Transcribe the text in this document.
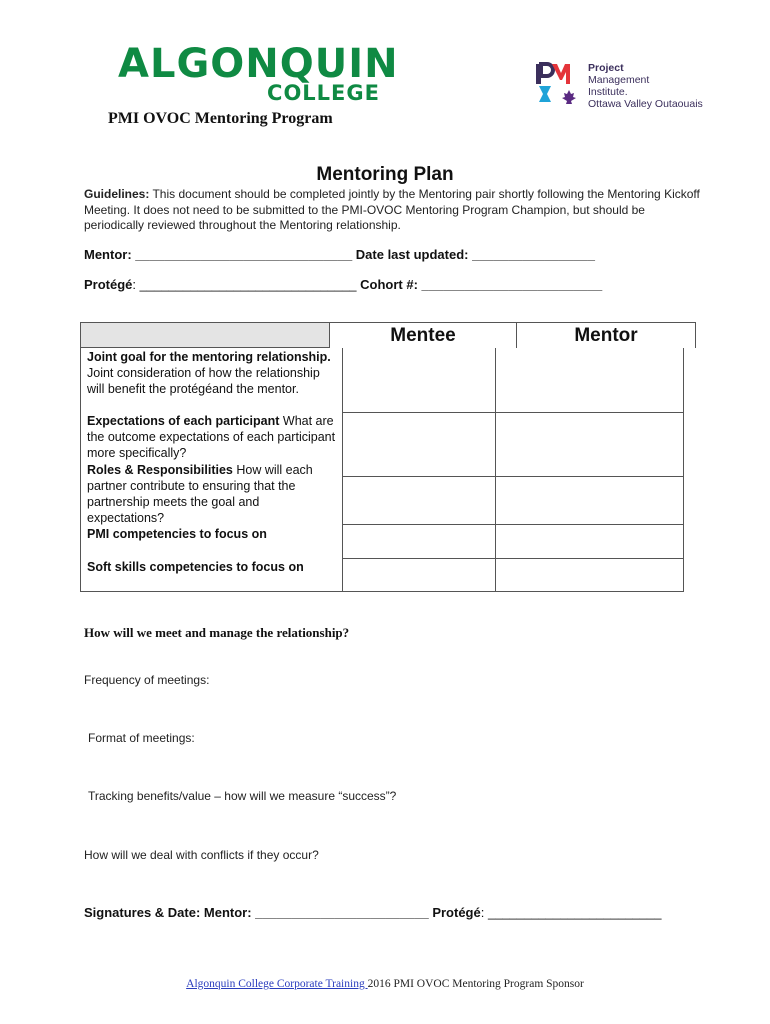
ALGONQUIN
COLLEGE
Project
Management
Institute.
Ottawa Valley Outaouais
PMI OVOC Mentoring Program
Mentoring Plan
Guidelines: This document should be completed jointly by the Mentoring pair shortly following the Mentoring Kickoff Meeting. It does not need to be submitted to the PMI-OVOC Mentoring Program Champion, but should be periodically reviewed throughout the Mentoring relationship.
Mentor: ______________________________ Date last updated: _________________
Protégé: ______________________________ Cohort #: _________________________
Mentee	Mentor
Joint goal for the mentoring relationship. Joint consideration of how the relationship will benefit the protégéand the mentor.
Expectations of each participant What are the outcome expectations of each participant more specifically?
Roles & Responsibilities How will each partner contribute to ensuring that the partnership meets the goal and expectations?
PMI competencies to focus on
Soft skills competencies to focus on
How will we meet and manage the relationship?
Frequency of meetings:
Format of meetings:
Tracking benefits/value – how will we measure “success”?
How will we deal with conflicts if they occur?
Signatures & Date: Mentor: ________________________ Protégé: ________________________
Algonquin College Corporate Training 2016 PMI OVOC Mentoring Program Sponsor
